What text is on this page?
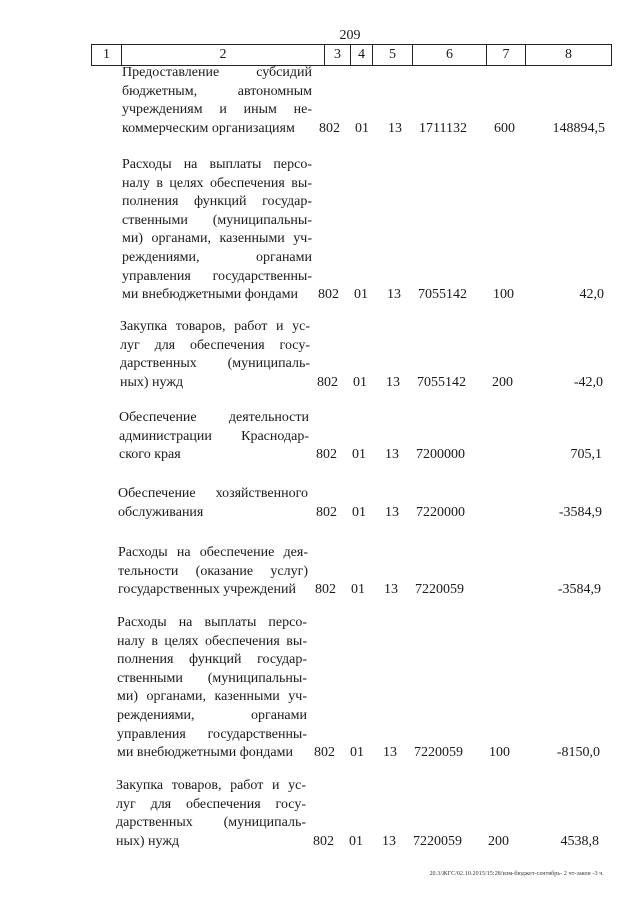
209
1	2	3	4	5	6	7	8
Предоставление субсидий
бюджетным, автономным
учреждениям и иным не-
коммерческим организациям	802 01 13 1711132 600	148894,5
Расходы на выплаты персо-
налу в целях обеспечения вы-
полнения функций государ-
ственными (муниципальны-
ми) органами, казенными уч-
реждениями, органами
управления государственны-
ми внебюджетными фондами	802 01 13 7055142 100	42,0
Закупка товаров, работ и ус-
луг для обеспечения госу-
дарственных (муниципаль-
ных) нужд	802 01 13 7055142 200	-42,0
Обеспечение деятельности
администрации Краснодар-
ского края	802 01 13 7200000	705,1
Обеспечение хозяйственного
обслуживания	802 01 13 7220000	-3584,9
Расходы на обеспечение дея-
тельности (оказание услуг)
государственных учреждений	802 01 13 7220059	-3584,9
Расходы на выплаты персо-
налу в целях обеспечения вы-
полнения функций государ-
ственными (муниципальны-
ми) органами, казенными уч-
реждениями, органами
управления государственны-
ми внебюджетными фондами	802 01 13 7220059 100	-8150,0
Закупка товаров, работ и ус-
луг для обеспечения госу-
дарственных (муниципаль-
ных) нужд	802 01 13 7220059 200	4538,8
20.3/ЖГС/02.10.2015/15:28/изм-бюджет-сентябрь- 2 чт-закон -3 ч.
